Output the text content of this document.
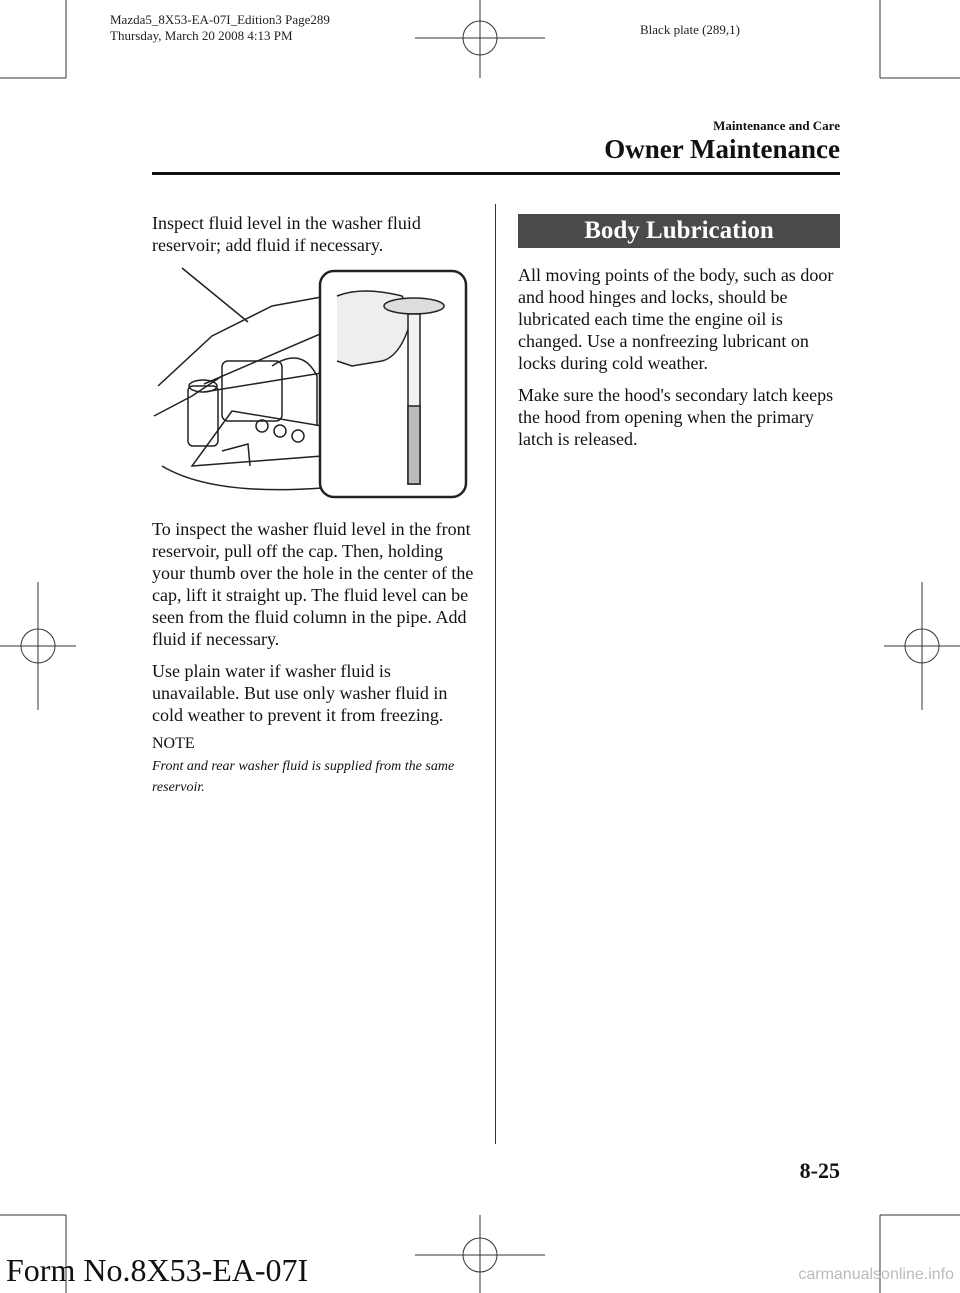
Mazda5_8X53-EA-07I_Edition3 Page289
Thursday, March 20 2008 4:13 PM	Black plate (289,1)
Maintenance and Care
Owner Maintenance
Inspect fluid level in the washer fluid reservoir; add fluid if necessary.
To inspect the washer fluid level in the front reservoir, pull off the cap. Then, holding your thumb over the hole in the center of the cap, lift it straight up. The fluid level can be seen from the fluid column in the pipe. Add fluid if necessary.
Use plain water if washer fluid is unavailable. But use only washer fluid in cold weather to prevent it from freezing.
NOTE
Front and rear washer fluid is supplied from the same reservoir.
Body Lubrication
All moving points of the body, such as door and hood hinges and locks, should be lubricated each time the engine oil is changed. Use a nonfreezing lubricant on locks during cold weather.
Make sure the hood's secondary latch keeps the hood from opening when the primary latch is released.
8-25
Form No.8X53-EA-07I	carmanualsonline.info
